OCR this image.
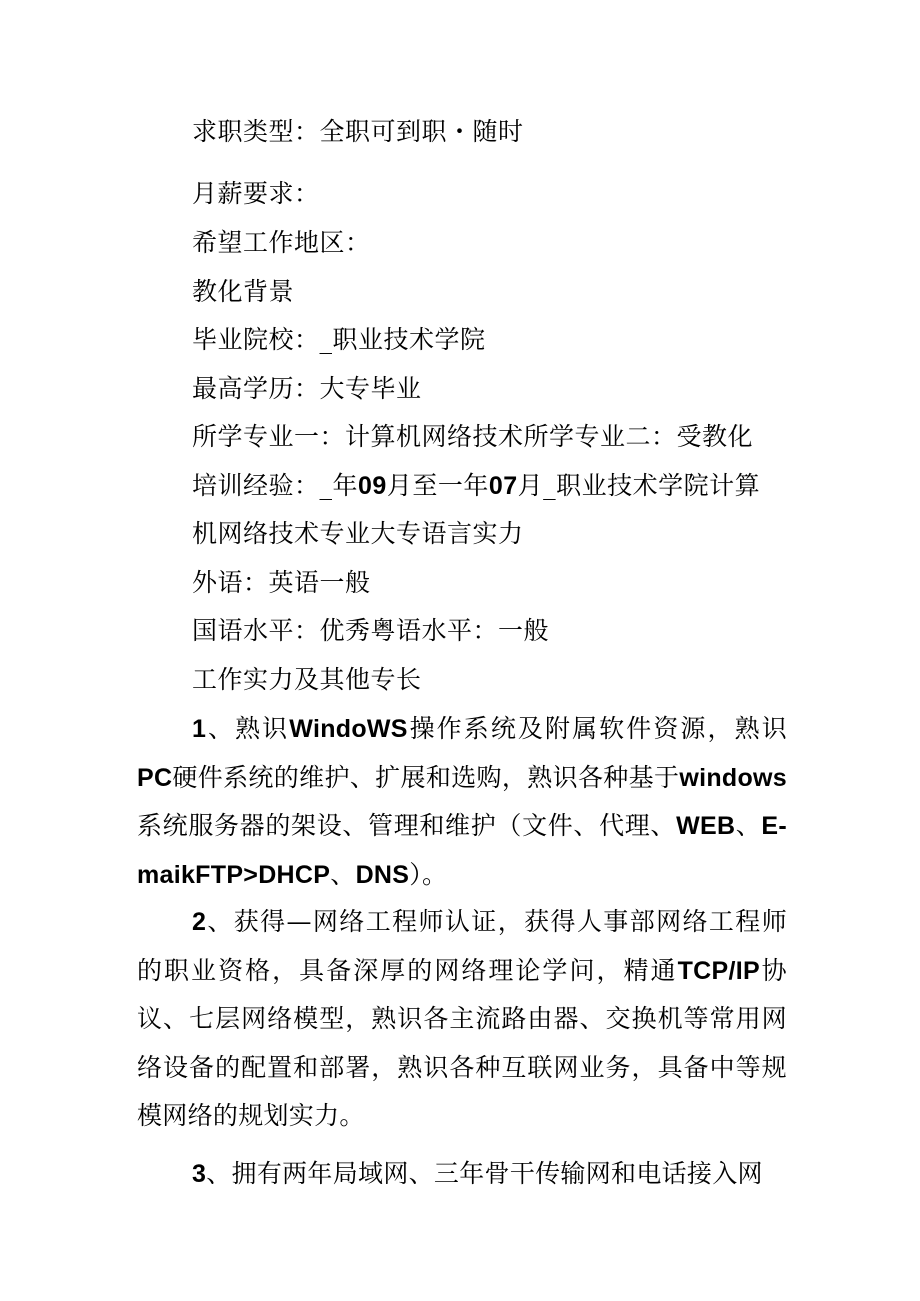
求职类型：全职可到职・随时
月薪要求：
希望工作地区：
教化背景
毕业院校：_职业技术学院
最高学历：大专毕业
所学专业一：计算机网络技术所学专业二：受教化
培训经验：_年09月至一年07月_职业技术学院计算
机网络技术专业大专语言实力
外语：英语一般
国语水平：优秀粤语水平：一般
工作实力及其他专长
1、熟识WindoWS操作系统及附属软件资源，熟识PC硬件系统的维护、扩展和选购，熟识各种基于windows系统服务器的架设、管理和维护（文件、代理、WEB、E-maikFTP>DHCP、DNS）。
2、获得—网络工程师认证，获得人事部网络工程师的职业资格，具备深厚的网络理论学问，精通TCP/IP协议、七层网络模型，熟识各主流路由器、交换机等常用网络设备的配置和部署，熟识各种互联网业务，具备中等规模网络的规划实力。
3、拥有两年局域网、三年骨干传输网和电话接入网
